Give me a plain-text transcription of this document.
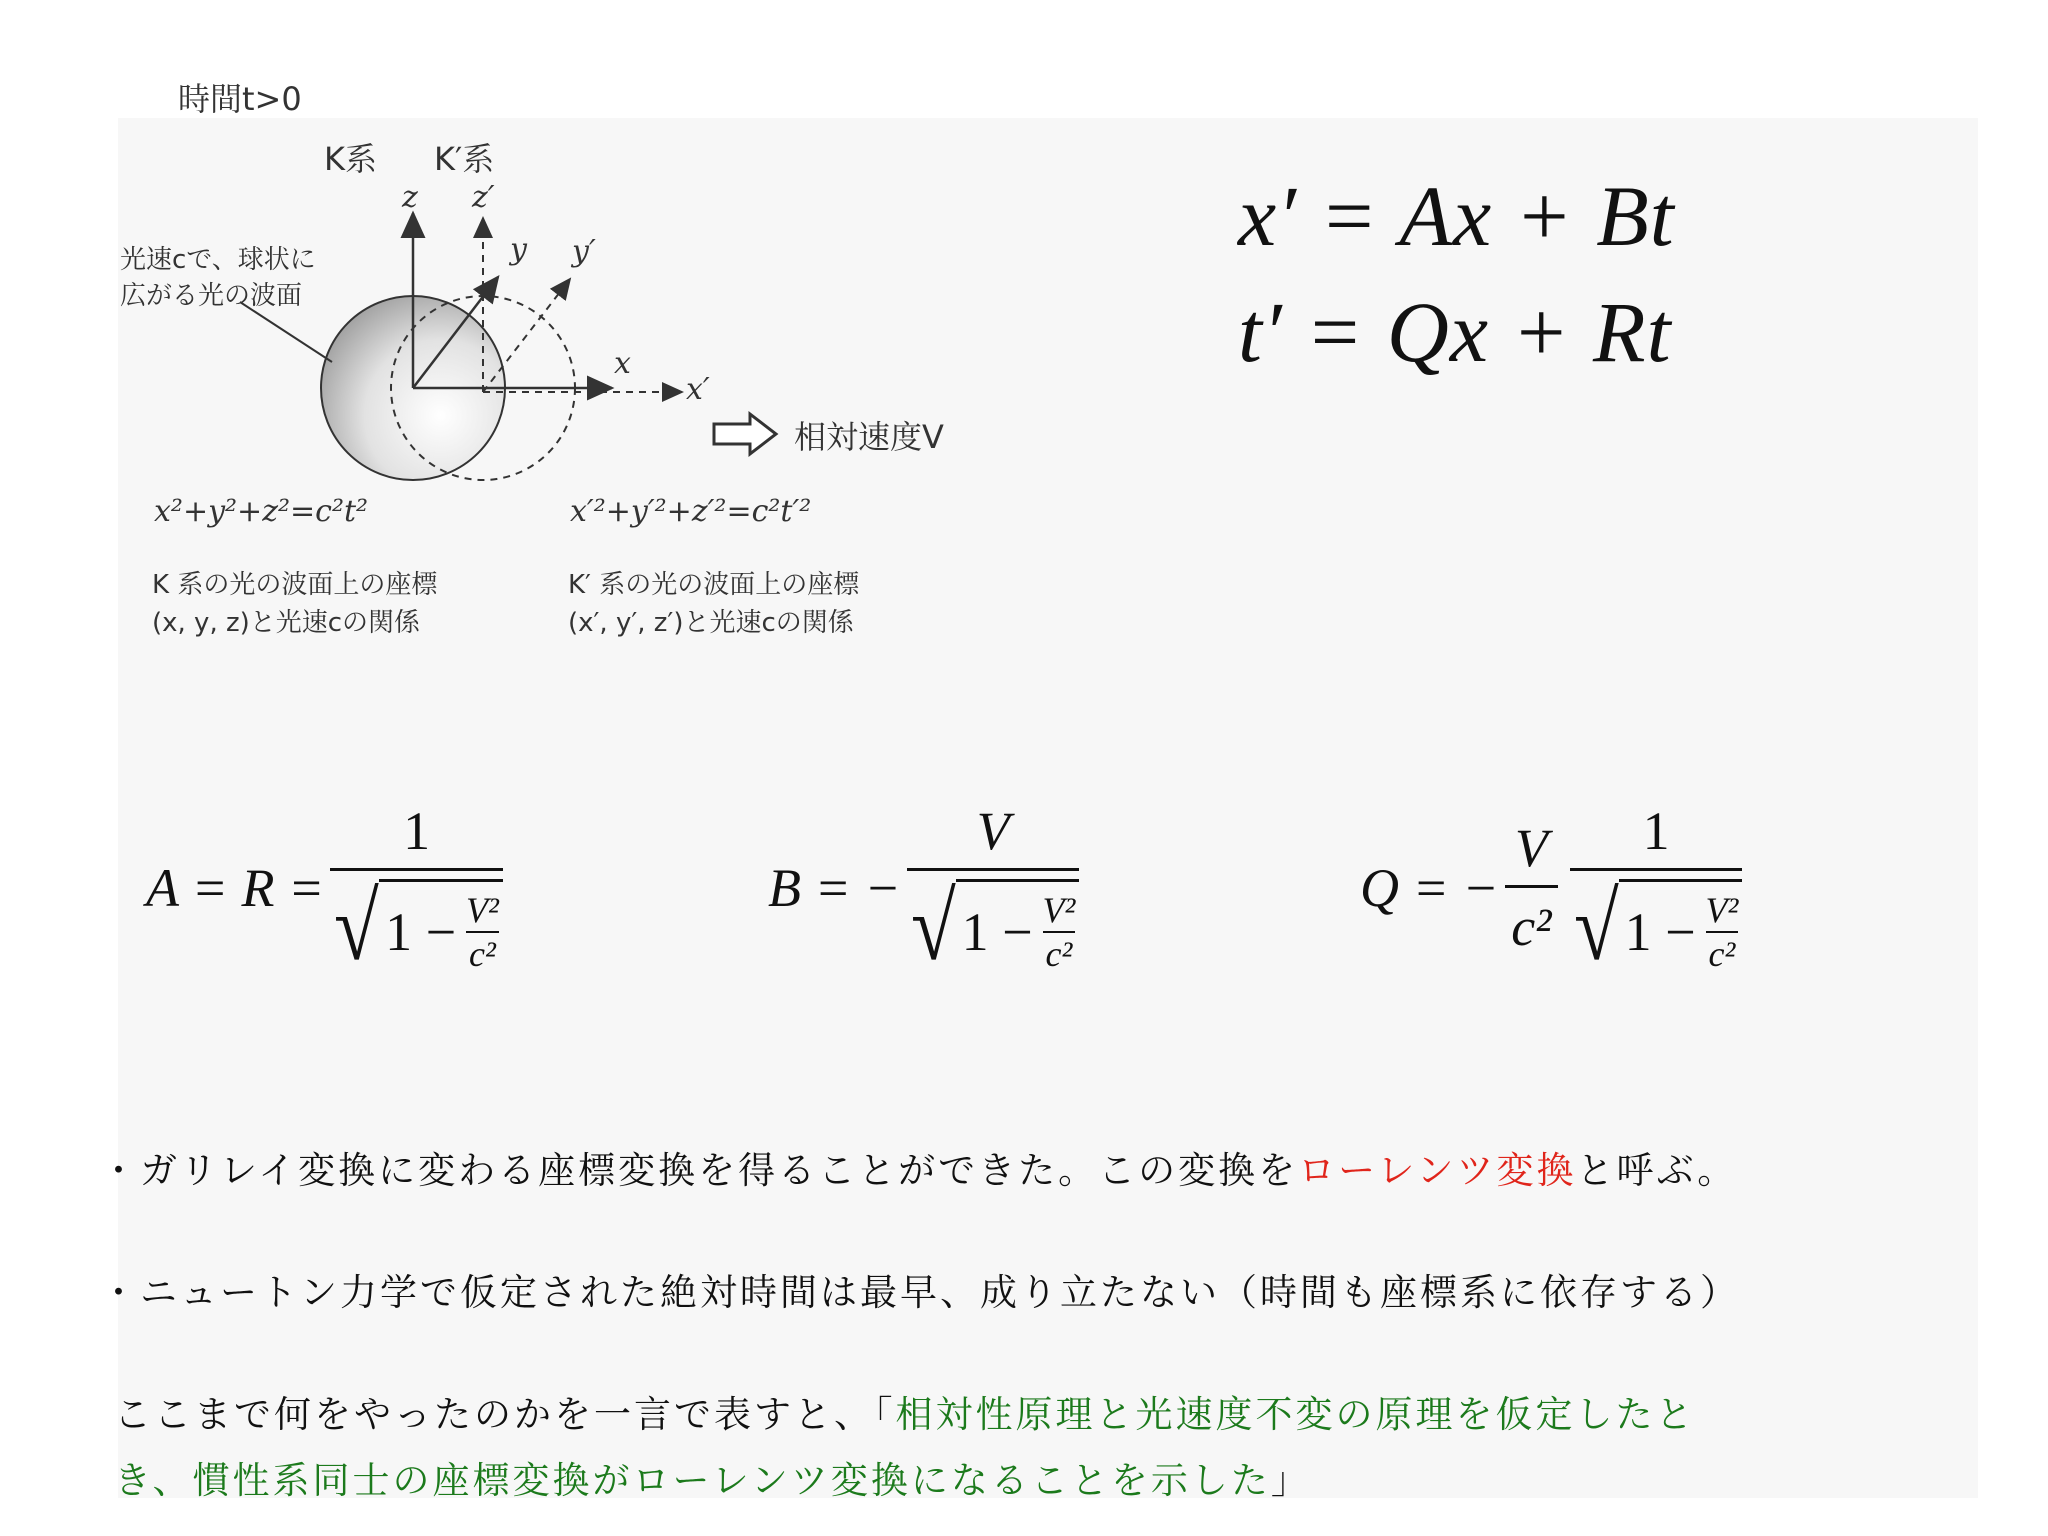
時間t>0
K系 K′系
z z′
y y′
x
x′
光速cで、球状に
広がる光の波面
相対速度V
x²+y²+z²=c²t²	x′²+y′²+z′²=c²t′²
K 系の光の波面上の座標
(x, y, z)と光速cの関係
K′ 系の光の波面上の座標
(x′, y′, z′)と光速cの関係
x′ = Ax + Bt
t′ = Qx + Rt
A = R =
1
√ $1 - \frac{\text{V²}}{\text{c²}}$
B = −
V
√ $1 - \frac{\text{V²}}{\text{c²}}$
Q = − $\frac{V}{\text{c²}} 1$
√ $1 - \frac{\text{V²}}{\text{c²}}$
・ガリレイ変換に変わる座標変換を得ることができた。この変換をローレンツ変換と呼ぶ。
・ニュートン力学で仮定された絶対時間は最早、成り立たない（時間も座標系に依存する）
ここまで何をやったのかを一言で表すと、「相対性原理と光速度不変の原理を仮定したと
き、慣性系同士の座標変換がローレンツ変換になることを示した」
